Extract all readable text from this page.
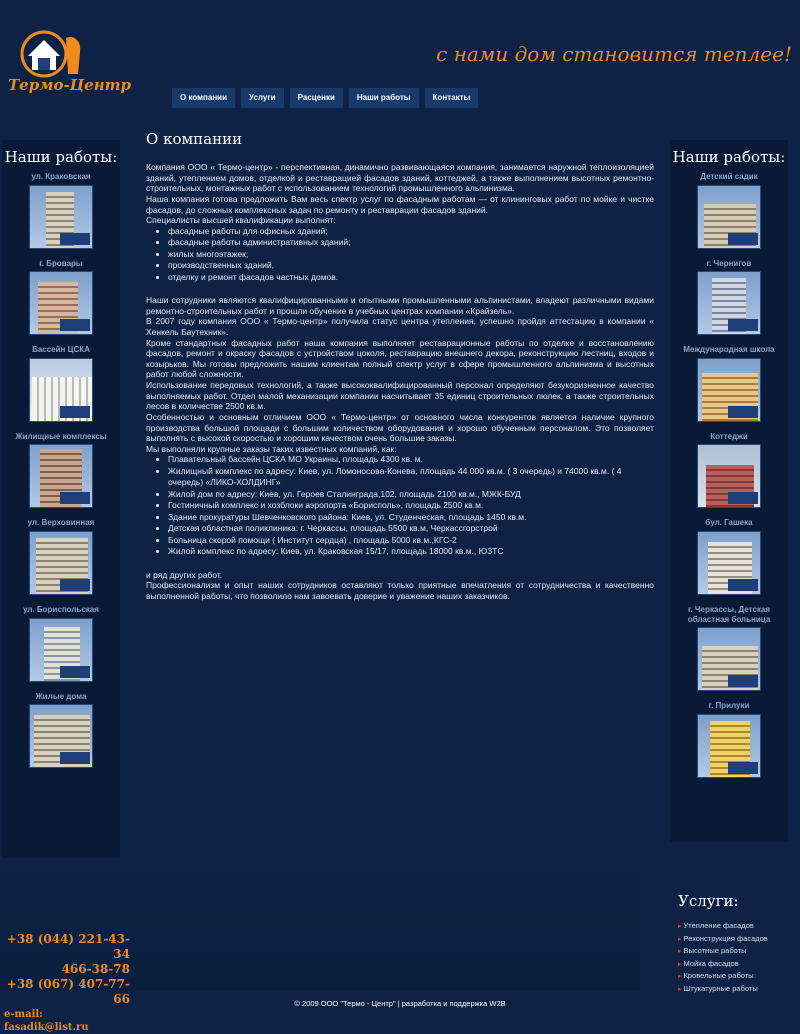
Термо-Центр
с нами дом становится теплее!
О компании	Услуги	Расценки	Наши работы	Контакты
Наши работы:
ул. Краковская
г. Бровары
Бассейн ЦСКА
Жилищные комплексы
ул. Верховинная
ул. Бориспольская
Жилые дома
О компании

Компания ООО « Термо-центр» - перспективная, динамично развивающаяся компания, занимается наружной теплоизоляцией зданий, утеплением домов, отделкой и реставрацией фасадов зданий, коттеджей, а также выполнением высотных ремонтно-строительных, монтажных работ с использованием технологий промышленного альпинизма.

Наша компания готова предложить Вам весь спектр услуг по фасадным работам — от клининговых работ по мойке и чистке фасадов, до сложных комплексных задач по ремонту и реставрации фасадов зданий.

Специалисты высшей квалификации выполнят:

• фасадные работы для офисных зданий;
• фасадные работы административных зданий;
• жилых многоэтажек;
• производственных зданий,
• отделку и ремонт фасадов частных домов.

Наши сотрудники являются квалифицированными и опытными промышленными альпинистами, владеют различными видами ремонтно-строительных работ и прошли обучение в учебных центрах компании «Крайзель».

В 2007 году компания ООО « Термо-центр» получила статус центра утепления, успешно пройдя аттестацию в компании « Хенкель Баутехник».

Кроме стандартных фасадных работ наша компания выполняет реставрационные работы по отделке и восстановлению фасадов, ремонт и окраску фасадов с устройством цоколя, реставрацию внешнего декора, реконструкцию лестниц, входов и козырьков. Мы готовы предложить нашим клиентам полный спектр услуг в сфере промышленного альпинизма и высотных работ любой сложности.

Использование передовых технологий, а также высококвалифицированный персонал определяют безукоризненное качество выполняемых работ. Отдел малой механизации компании насчитывает 35 единиц строительных люлек, а также строительных лесов в количестве 2500 кв.м.

Особенностью и основным отличием ООО « Термо-центр» от основного числа конкурентов является наличие крупного производства большой площади с большим количеством оборудования и хорошо обученным персоналом. Это позволяет выполнять с высокой скоростью и хорошим качеством очень большие заказы.

Мы выполняли крупные заказы таких известных компаний, как:

• Плавательный бассейн ЦСКА МО Украины, площадь 4300 кв. м.
• Жилищный комплекс по адресу: Киев, ул. Ломоносова-Конева, площадь 44 000 кв.м. ( 3 очередь) и 74000 кв.м. ( 4 очередь) «ЛИКО-ХОЛДИНГ»
• Жилой дом по адресу: Киев, ул. Героев Сталинграда,102, площадь 2100 кв.м., МЖК-БУД
• Гостиничный комплекс и хозблоки аэропорта «Борисполь», площадь 2500 кв.м.
• Здание прокуратуры Шевченковского района: Киев, ул. Студенческая, площадь 1450 кв.м.
• Детская областная поликлиника: г. Черкассы, площадь 5500 кв.м, Черкассгорстрой
• Больница скорой помощи ( Институт сердца) , площадь 5000 кв.м.,КГС-2
• Жилой комплекс по адресу: Киев, ул. Краковская 15/17, площадь 18000 кв.м., ЮЗТС

и ряд других работ.

Профессионализм и опыт наших сотрудников оставляют только приятные впечатления от сотрудничества и качественно выполненной работы, что позволило нам завоевать доверие и уважение наших заказчиков.

Наши работы:
Детский садик
г. Чернигов
Международная школа
Коттеджи
бул. Гашека
г. Черкассы, Детская областная больница
г. Прилуки
+38 (044) 221-43-34
466-38-78
+38 (067) 407-77-66
e-mail: fasadik@list.ru
Услуги:
▸ Утепление фасадов
▸ Реконструкция фасадов
▸ Высотные работы
▸ Мойка фасадов
▸ Кровельные работы
▸ Штукатурные работы
© 2009 ООО "Термо - Центр" | разработка и поддержка W2B
